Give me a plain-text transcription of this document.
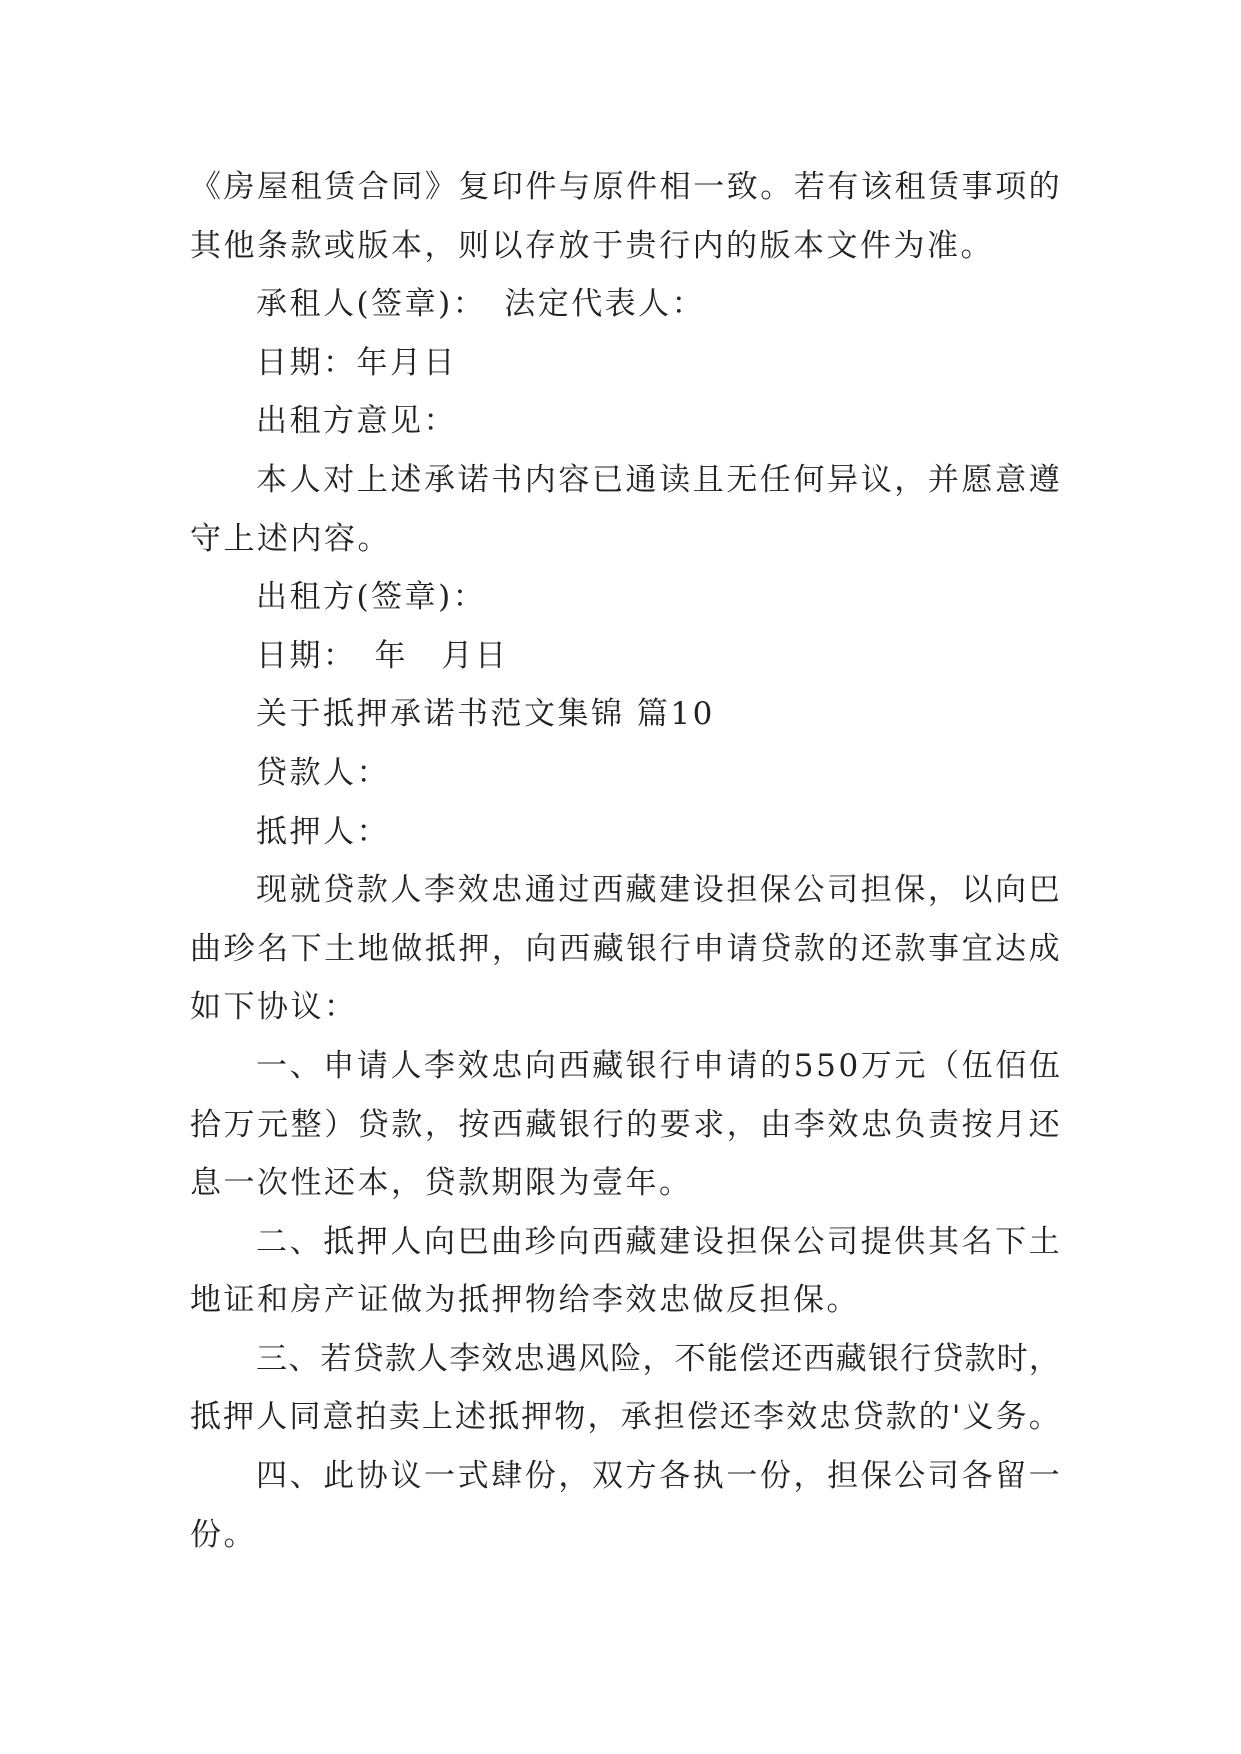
《 房 屋 租 赁 合 同 》 复 印 件 与 原 件 相 一 致 。 若 有 该 租 赁 事 项 的
其他条款或版本，则以存放于贵行内的版本文件为准。
承租人(签章)：　法定代表人：
日期：年月日
出租方意见：
本 人 对 上 述 承 诺 书 内 容 已 通 读 且 无 任 何 异 议 ， 并 愿 意 遵
守上述内容。
出租方(签章)：
日期：　年　月日
关于抵押承诺书范文集锦 篇10
贷款人：
抵押人：
现 就 贷 款 人 李 效 忠 通 过 西 藏 建 设 担 保 公 司 担 保 ， 以 向 巴
曲 珍 名 下 土 地 做 抵 押 ， 向 西 藏 银 行 申 请 贷 款 的 还 款 事 宜 达 成
如下协议：
一 、 申 请 人 李 效 忠 向 西 藏 银 行 申 请 的 5 5 0 万 元 （ 伍 佰 伍
拾 万 元 整 ） 贷 款 ， 按 西 藏 银 行 的 要 求 ， 由 李 效 忠 负 责 按 月 还
息一次性还本，贷款期限为壹年。
二 、 抵 押 人 向 巴 曲 珍 向 西 藏 建 设 担 保 公 司 提 供 其 名 下 土
地证和房产证做为抵押物给李效忠做反担保。
三 、 若 贷 款 人 李 效 忠 遇 风 险 ， 不 能 偿 还 西 藏 银 行 贷 款 时 ，
抵 押 人 同 意 拍 卖 上 述 抵 押 物 ， 承 担 偿 还 李 效 忠 贷 款 的 ' 义 务 。
四 、 此 协 议 一 式 肆 份 ， 双 方 各 执 一 份 ， 担 保 公 司 各 留 一
份。
